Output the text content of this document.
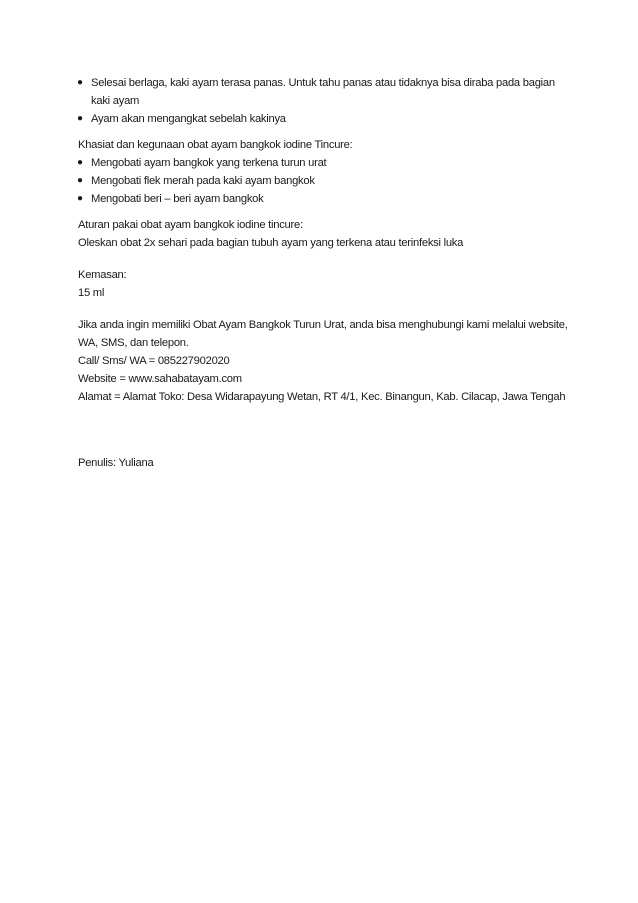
● Selesai berlaga, kaki ayam terasa panas. Untuk tahu panas atau tidaknya bisa diraba pada bagian kaki ayam
● Ayam akan mengangkat sebelah kakinya

Khasiat dan kegunaan obat ayam bangkok iodine Tincure:

● Mengobati ayam bangkok yang terkena turun urat
● Mengobati flek merah pada kaki ayam bangkok
● Mengobati beri – beri ayam bangkok

Aturan pakai obat ayam bangkok iodine tincure:

Oleskan obat 2x sehari pada bagian tubuh ayam yang terkena atau terinfeksi luka

Kemasan:

15 ml

Jika anda ingin memiliki Obat Ayam Bangkok Turun Urat, anda bisa menghubungi kami melalui website, WA, SMS, dan telepon.

Call/ Sms/ WA = 085227902020

Website = www.sahabatayam.com

Alamat = Alamat Toko: Desa Widarapayung Wetan, RT 4/1, Kec. Binangun, Kab. Cilacap, Jawa Tengah

Penulis: Yuliana
